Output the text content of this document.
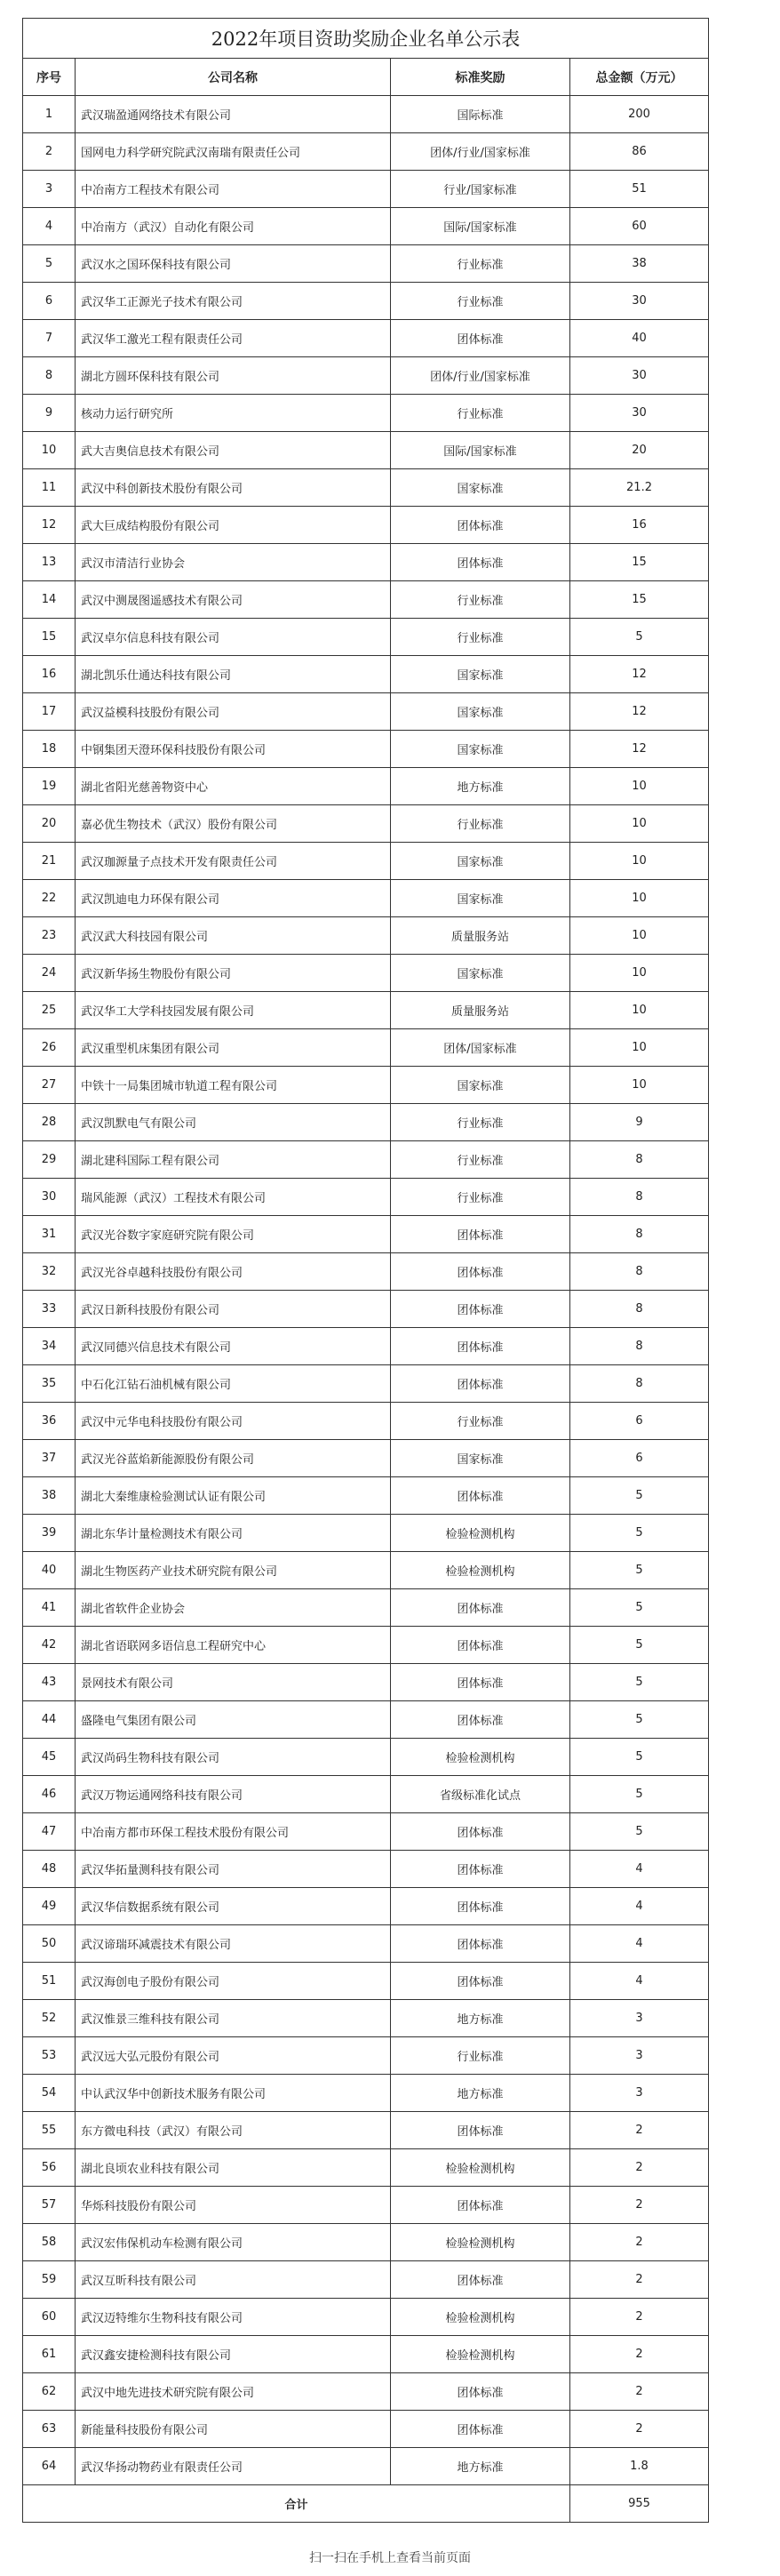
2022年项目资助奖励企业名单公示表			
序号	公司名称	标准奖励	总金额（万元）
1	武汉瑞盈通网络技术有限公司	国际标准	200
2	国网电力科学研究院武汉南瑞有限责任公司	团体/行业/国家标准	86
3	中冶南方工程技术有限公司	行业/国家标准	51
4	中冶南方（武汉）自动化有限公司	国际/国家标准	60
5	武汉水之国环保科技有限公司	行业标准	38
6	武汉华工正源光子技术有限公司	行业标准	30
7	武汉华工激光工程有限责任公司	团体标准	40
8	湖北方圆环保科技有限公司	团体/行业/国家标准	30
9	核动力运行研究所	行业标准	30
10	武大吉奥信息技术有限公司	国际/国家标准	20
11	武汉中科创新技术股份有限公司	国家标准	21.2
12	武大巨成结构股份有限公司	团体标准	16
13	武汉市清洁行业协会	团体标准	15
14	武汉中测晟图遥感技术有限公司	行业标准	15
15	武汉卓尔信息科技有限公司	行业标准	5
16	湖北凯乐仕通达科技有限公司	国家标准	12
17	武汉益模科技股份有限公司	国家标准	12
18	中钢集团天澄环保科技股份有限公司	国家标准	12
19	湖北省阳光慈善物资中心	地方标准	10
20	嘉必优生物技术（武汉）股份有限公司	行业标准	10
21	武汉珈源量子点技术开发有限责任公司	国家标准	10
22	武汉凯迪电力环保有限公司	国家标准	10
23	武汉武大科技园有限公司	质量服务站	10
24	武汉新华扬生物股份有限公司	国家标准	10
25	武汉华工大学科技园发展有限公司	质量服务站	10
26	武汉重型机床集团有限公司	团体/国家标准	10
27	中铁十一局集团城市轨道工程有限公司	国家标准	10
28	武汉凯默电气有限公司	行业标准	9
29	湖北建科国际工程有限公司	行业标准	8
30	瑞风能源（武汉）工程技术有限公司	行业标准	8
31	武汉光谷数字家庭研究院有限公司	团体标准	8
32	武汉光谷卓越科技股份有限公司	团体标准	8
33	武汉日新科技股份有限公司	团体标准	8
34	武汉同德兴信息技术有限公司	团体标准	8
35	中石化江钻石油机械有限公司	团体标准	8
36	武汉中元华电科技股份有限公司	行业标准	6
37	武汉光谷蓝焰新能源股份有限公司	国家标准	6
38	湖北大秦维康检验测试认证有限公司	团体标准	5
39	湖北东华计量检测技术有限公司	检验检测机构	5
40	湖北生物医药产业技术研究院有限公司	检验检测机构	5
41	湖北省软件企业协会	团体标准	5
42	湖北省语联网多语信息工程研究中心	团体标准	5
43	景网技术有限公司	团体标准	5
44	盛隆电气集团有限公司	团体标准	5
45	武汉尚码生物科技有限公司	检验检测机构	5
46	武汉万物运通网络科技有限公司	省级标准化试点	5
47	中冶南方都市环保工程技术股份有限公司	团体标准	5
48	武汉华拓量测科技有限公司	团体标准	4
49	武汉华信数据系统有限公司	团体标准	4
50	武汉谛瑞环减震技术有限公司	团体标准	4
51	武汉海创电子股份有限公司	团体标准	4
52	武汉惟景三维科技有限公司	地方标准	3
53	武汉远大弘元股份有限公司	行业标准	3
54	中认武汉华中创新技术服务有限公司	地方标准	3
55	东方微电科技（武汉）有限公司	团体标准	2
56	湖北良顷农业科技有限公司	检验检测机构	2
57	华烁科技股份有限公司	团体标准	2
58	武汉宏伟保机动车检测有限公司	检验检测机构	2
59	武汉互昕科技有限公司	团体标准	2
60	武汉迈特维尔生物科技有限公司	检验检测机构	2
61	武汉鑫安捷检测科技有限公司	检验检测机构	2
62	武汉中地先进技术研究院有限公司	团体标准	2
63	新能量科技股份有限公司	团体标准	2
64	武汉华扬动物药业有限责任公司	地方标准	1.8
合计			955
扫一扫在手机上查看当前页面
